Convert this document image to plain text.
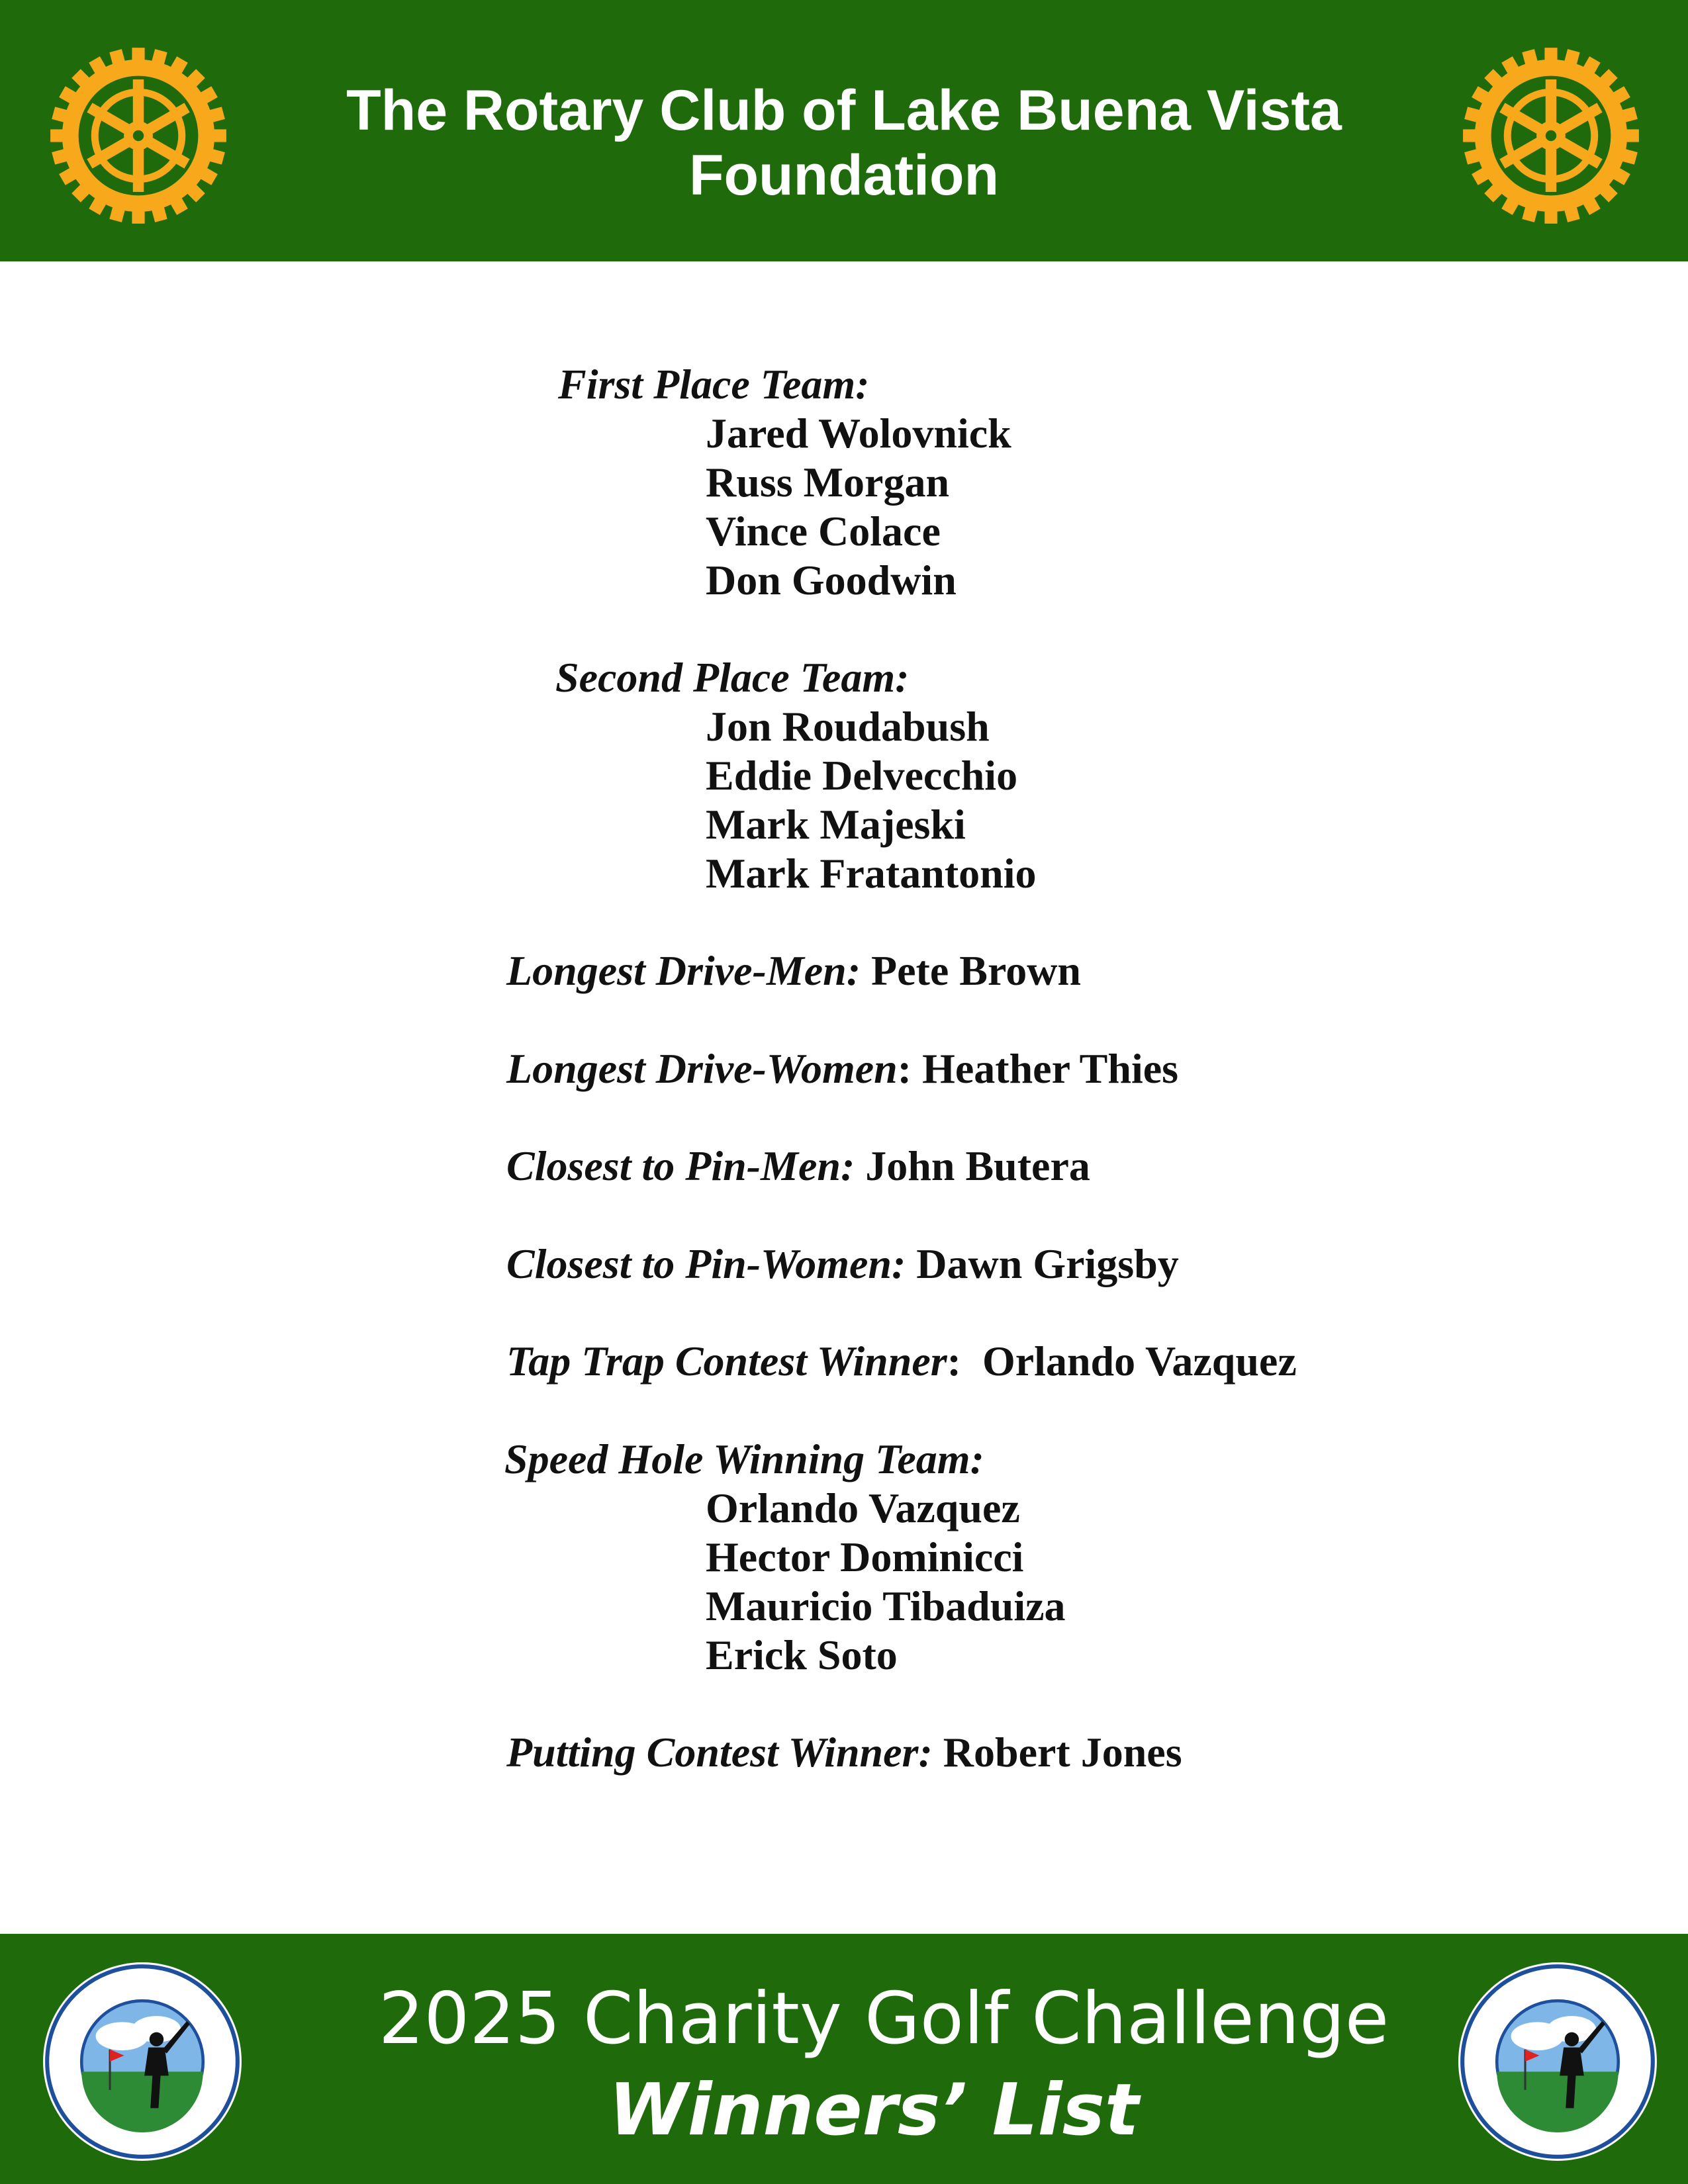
The Rotary Club of Lake Buena Vista
Foundation
First Place Team:
Jared Wolovnick
Russ Morgan
Vince Colace
Don Goodwin
Second Place Team:
Jon Roudabush
Eddie Delvecchio
Mark Majeski
Mark Fratantonio
Longest Drive-Men: Pete Brown
Longest Drive-Women: Heather Thies
Closest to Pin-Men: John Butera
Closest to Pin-Women: Dawn Grigsby
Tap Trap Contest Winner: Orlando Vazquez
Speed Hole Winning Team:
Orlando Vazquez
Hector Dominicci
Mauricio Tibaduiza
Erick Soto
Putting Contest Winner: Robert Jones
2025 Charity Golf Challenge
Winners’ List
